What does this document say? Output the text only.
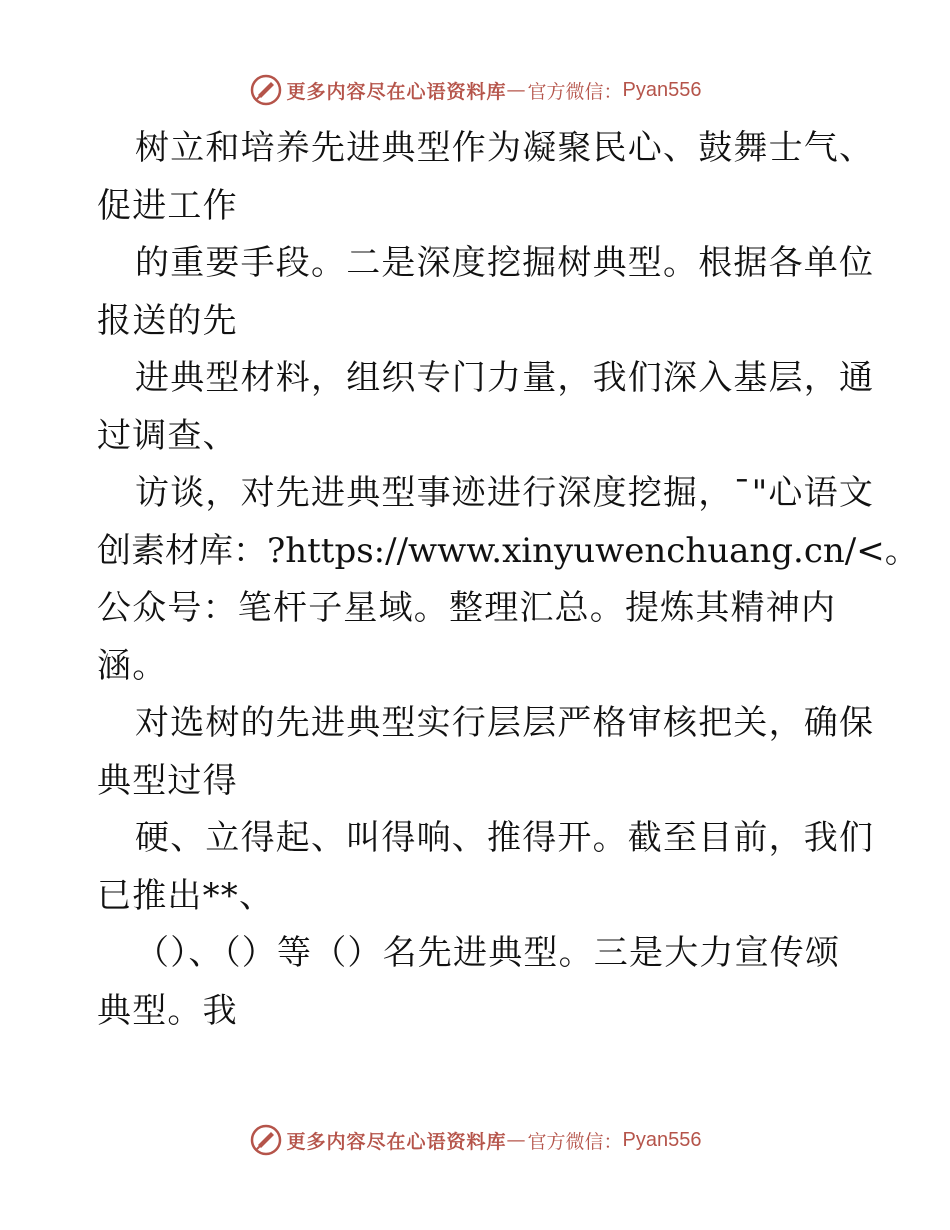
更多内容尽在心语资料库 — 官方微信： Pyan556
树立和培养先进典型作为凝聚民心、鼓舞士气、
促进工作
的重要手段。二是深度挖掘树典型。根据各单位
报送的先
进典型材料，组织专门力量，我们深入基层，通
过调查、
访谈，对先进典型事迹进行深度挖掘，¯"心语文
创素材库：?https://www.xinyuwenchuang.cn/<。
公众号：笔杆子星域。整理汇总。提炼其精神内
涵。
对选树的先进典型实行层层严格审核把关，确保
典型过得
硬、立得起、叫得响、推得开。截至目前，我们
已推出**、
（）、（）等（）名先进典型。三是大力宣传颂
典型。我
更多内容尽在心语资料库 — 官方微信： Pyan556
